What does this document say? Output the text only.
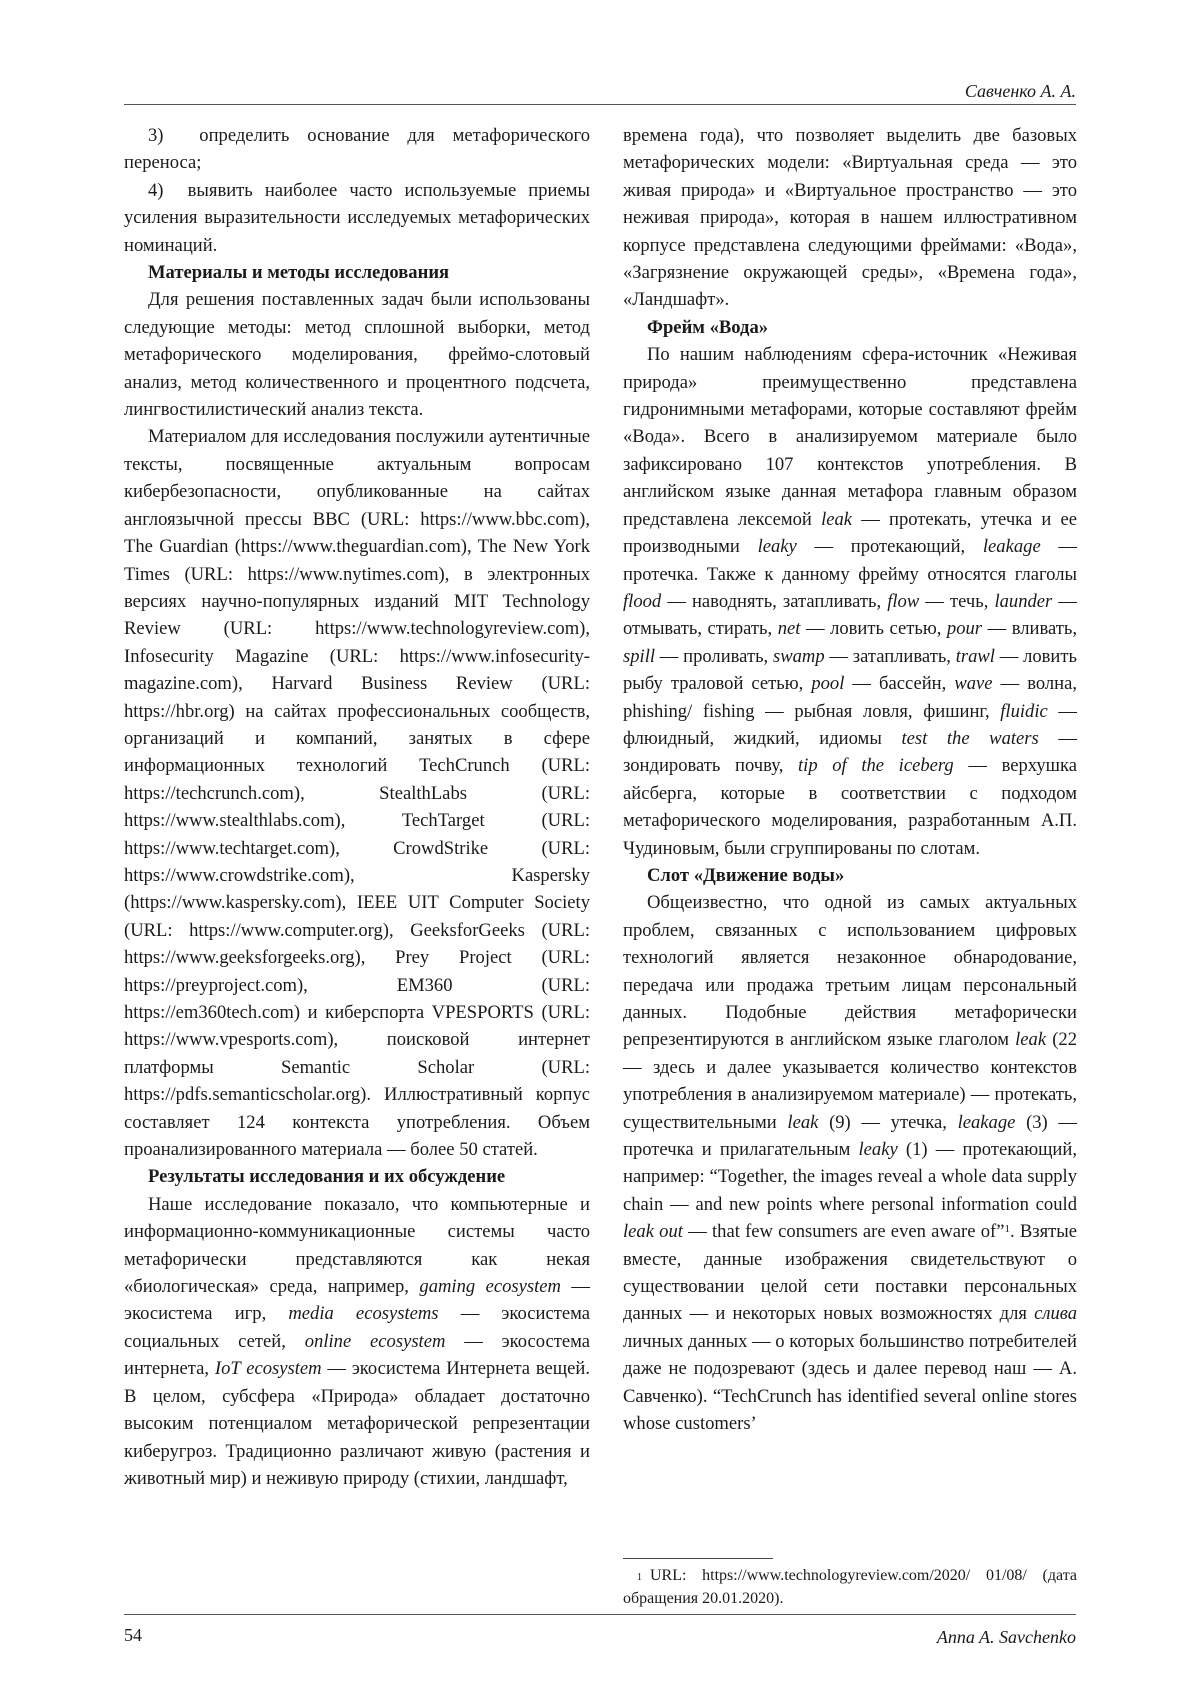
Савченко А. А.

3)  определить основание для метафорического переноса;

4)  выявить наиболее часто используемые приемы усиления выразительности исследуемых метафорических номинаций.

Материалы и методы исследования

Для решения поставленных задач были использованы следующие методы: метод сплошной выборки, метод метафорического моделирования, фреймо-слотовый анализ, метод количественного и процентного подсчета, лингвостилистический анализ текста.

Материалом для исследования послужили аутентичные тексты, посвященные актуальным вопросам кибербезопасности, опубликованные на сайтах англоязычной прессы BBC (URL: https://www.bbc.com), The Guardian (https://www.theguardian.com), The New York Times (URL: https://www.nytimes.com), в электронных версиях научно-популярных изданий MIT Technology Review (URL: https://www.technologyreview.com), Infosecurity Magazine (URL: https://www.infosecurity-magazine.com), Harvard Business Review (URL: https://hbr.org) на сайтах профессиональных сообществ, организаций и компаний, занятых в сфере информационных технологий TechCrunch (URL: https://techcrunch.com), StealthLabs (URL: https://www.stealthlabs.com), TechTarget (URL: https://www.techtarget.com), CrowdStrike (URL: https://www.crowdstrike.com), Kaspersky (https://www.kaspersky.com), IEEE UIT Computer Society (URL: https://www.computer.org), GeeksforGeeks (URL: https://www.geeksforgeeks.org), Prey Project (URL: https://preyproject.com), EM360 (URL: https://em360tech.com) и киберспорта VPESPORTS (URL: https://www.vpesports.com), поисковой интернет платформы Semantic Scholar (URL: https://pdfs.semanticscholar.org). Иллюстративный корпус составляет 124 контекста употребления. Объем проанализированного материала — более 50 статей.

Результаты исследования и их обсуждение

Наше исследование показало, что компьютерные и информационно-коммуникационные системы часто метафорически представляются как некая «биологическая» среда, например, gaming ecosystem — экосистема игр, media ecosystems — экосистема социальных сетей, online ecosystem — экосостема интернета, IoT ecosystem — экосистема Интернета вещей. В целом, субсфера «Природа» обладает достаточно высоким потенциалом метафорической репрезентации киберугроз. Традиционно различают живую (растения и животный мир) и неживую природу (стихии, ландшафт,

времена года), что позволяет выделить две базовых метафорических модели: «Виртуальная среда — это живая природа» и «Виртуальное пространство — это неживая природа», которая в нашем иллюстративном корпусе представлена следующими фреймами: «Вода», «Загрязнение окружающей среды», «Времена года», «Ландшафт».

Фрейм «Вода»

По нашим наблюдениям сфера-источник «Неживая природа» преимущественно представлена гидронимными метафорами, которые составляют фрейм «Вода». Всего в анализируемом материале было зафиксировано 107 контекстов употребления. В английском языке данная метафора главным образом представлена лексемой leak — протекать, утечка и ее производными leaky — протекающий, leakage — протечка. Также к данному фрейму относятся глаголы flood — наводнять, затапливать, flow — течь, launder — отмывать, стирать, net — ловить сетью, pour — вливать, spill — проливать, swamp — затапливать, trawl — ловить рыбу траловой сетью, pool — бассейн, wave — волна, phishing/ fishing — рыбная ловля, фишинг, fluidic — флюидный, жидкий, идиомы test the waters — зондировать почву, tip of the iceberg — верхушка айсберга, которые в соответствии с подходом метафорического моделирования, разработанным А.П. Чудиновым, были сгруппированы по слотам.

Слот «Движение воды»

Общеизвестно, что одной из самых актуальных проблем, связанных с использованием цифровых технологий является незаконное обнародование, передача или продажа третьим лицам персональный данных. Подобные действия метафорически репрезентируются в английском языке глаголом leak (22 — здесь и далее указывается количество контекстов употребления в анализируемом материале) — протекать, существительными leak (9) — утечка, leakage (3) — протечка и прилагательным leaky (1) — протекающий, например: “Together, the images reveal a whole data supply chain — and new points where personal information could leak out — that few consumers are even aware of”$^1$. Взятые вместе, данные изображения свидетельствуют о существовании целой сети поставки персональных данных — и некоторых новых возможностях для слива личных данных — о которых большинство потребителей даже не подозревают (здесь и далее перевод наш — А. Савченко). “TechCrunch has identified several online stores whose customers’

$^1$ URL: https://www.technologyreview.com/2020/ 01/08/ (дата обращения 20.01.2020).
54	Anna A. Savchenko
